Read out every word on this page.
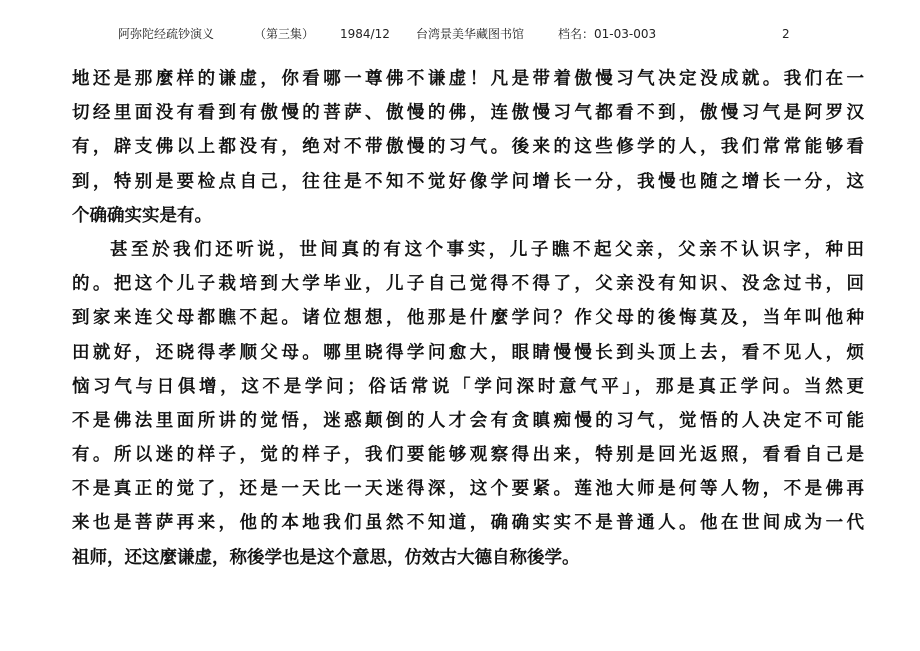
阿弥陀经疏钞演义	（第三集） 1984/12 台湾景美华藏图书馆	档名：01-03-003	2
地还是那麼样的谦虚，你看哪一尊佛不谦虚！凡是带着傲慢习气决定没成就。我们在一
切经里面没有看到有傲慢的菩萨、傲慢的佛，连傲慢习气都看不到，傲慢习气是阿罗汉
有，辟支佛以上都没有，绝对不带傲慢的习气。後来的这些修学的人，我们常常能够看
到，特别是要检点自己，往往是不知不觉好像学问增长一分，我慢也随之增长一分，这
个确确实实是有。
甚至於我们还听说，世间真的有这个事实，儿子瞧不起父亲，父亲不认识字，种田
的。把这个儿子栽培到大学毕业，儿子自己觉得不得了，父亲没有知识、没念过书，回
到家来连父母都瞧不起。诸位想想，他那是什麼学问？作父母的後悔莫及，当年叫他种
田就好，还晓得孝顺父母。哪里晓得学问愈大，眼睛慢慢长到头顶上去，看不见人，烦
恼习气与日俱增，这不是学问；俗话常说「学问深时意气平」，那是真正学问。当然更
不是佛法里面所讲的觉悟，迷惑颠倒的人才会有贪瞋痴慢的习气，觉悟的人决定不可能
有。所以迷的样子，觉的样子，我们要能够观察得出来，特别是回光返照，看看自己是
不是真正的觉了，还是一天比一天迷得深，这个要紧。莲池大师是何等人物，不是佛再
来也是菩萨再来，他的本地我们虽然不知道，确确实实不是普通人。他在世间成为一代
祖师，还这麼谦虚，称後学也是这个意思，仿效古大德自称後学。
